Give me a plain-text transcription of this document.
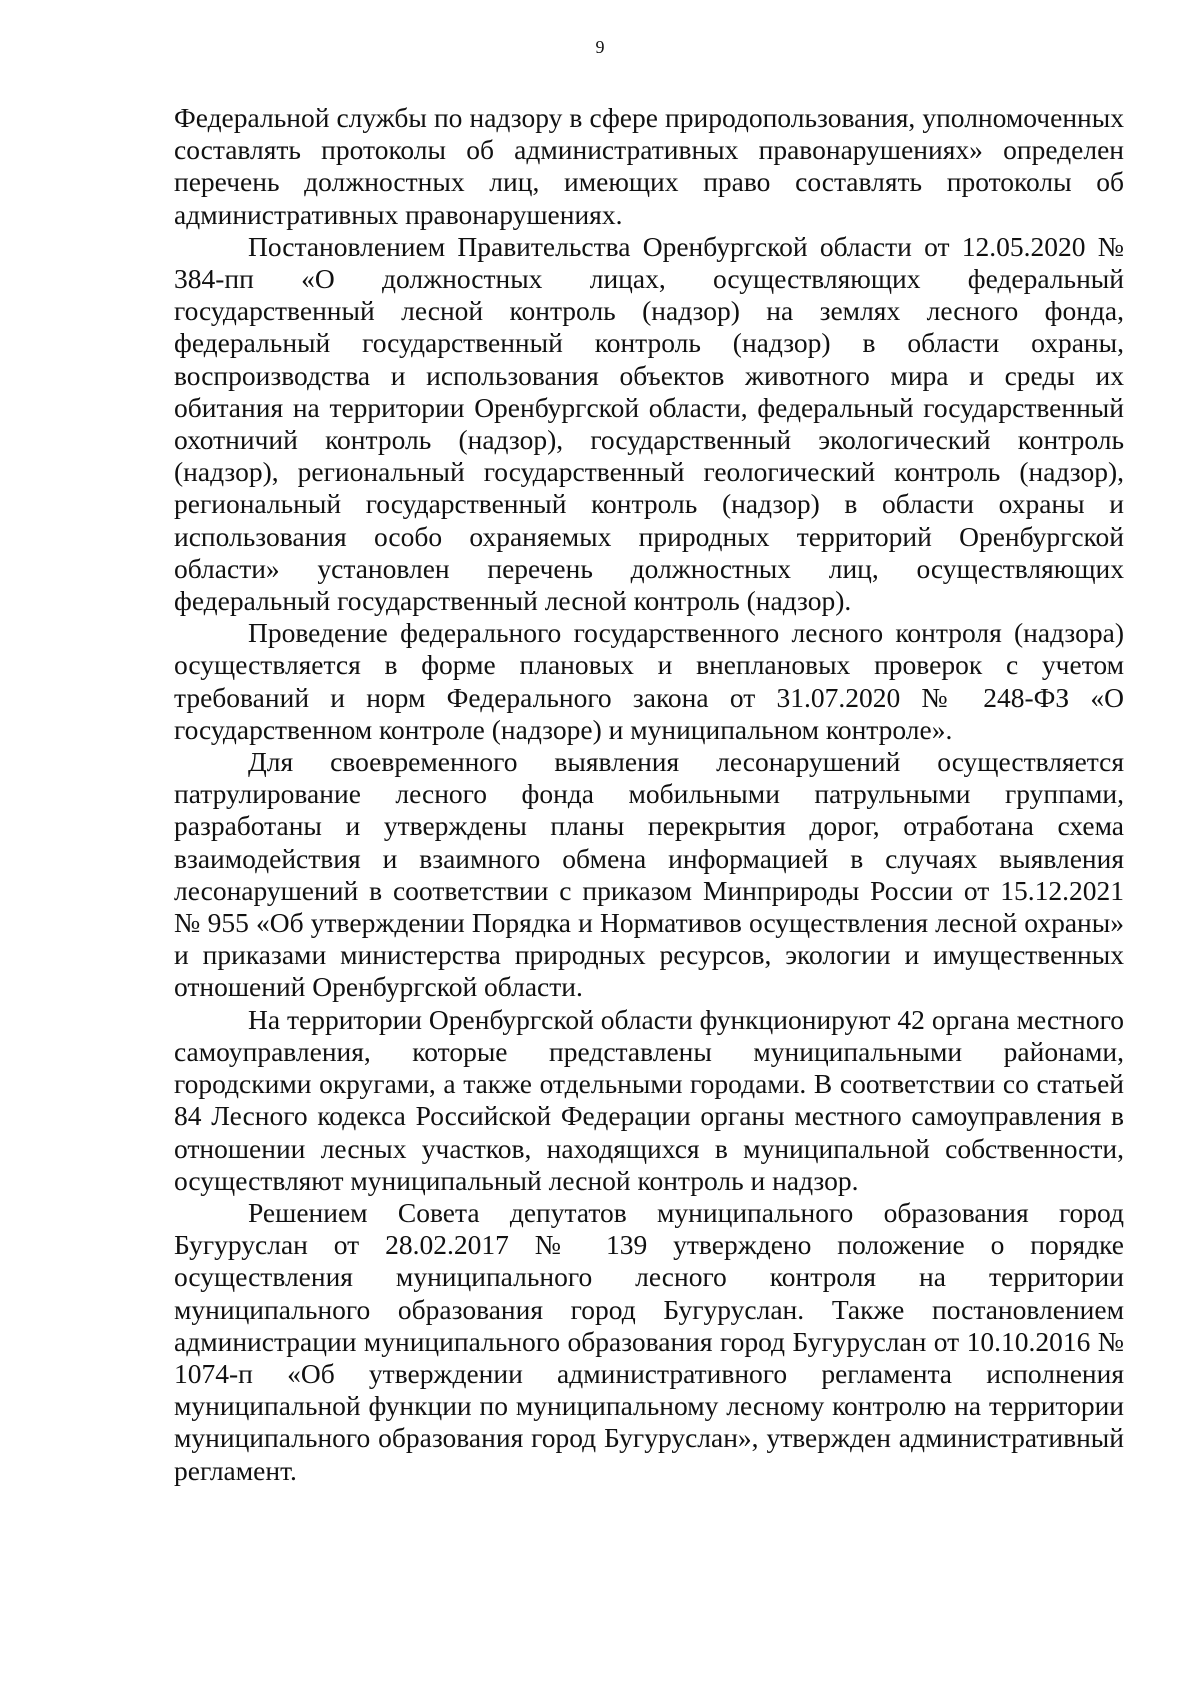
9

Федеральной службы по надзору в сфере природопользования, уполномоченных составлять протоколы об административных правонарушениях» определен перечень должностных лиц, имеющих право составлять протоколы об административных правонарушениях.

Постановлением Правительства Оренбургской области от 12.05.2020 № 384-пп «О должностных лицах, осуществляющих федеральный государственный лесной контроль (надзор) на землях лесного фонда, федеральный государственный контроль (надзор) в области охраны, воспроизводства и использования объектов животного мира и среды их обитания на территории Оренбургской области, федеральный государственный охотничий контроль (надзор), государственный экологический контроль (надзор), региональный государственный геологический контроль (надзор), региональный государственный контроль (надзор) в области охраны и использования особо охраняемых природных территорий Оренбургской области» установлен перечень должностных лиц, осуществляющих федеральный государственный лесной контроль (надзор).

Проведение федерального государственного лесного контроля (надзора) осуществляется в форме плановых и внеплановых проверок с учетом требований и норм Федерального закона от 31.07.2020 № 248-ФЗ «О государственном контроле (надзоре) и муниципальном контроле».

Для своевременного выявления лесонарушений осуществляется патрулирование лесного фонда мобильными патрульными группами, разработаны и утверждены планы перекрытия дорог, отработана схема взаимодействия и взаимного обмена информацией в случаях выявления лесонарушений в соответствии с приказом Минприроды России от 15.12.2021 № 955 «Об утверждении Порядка и Нормативов осуществления лесной охраны» и приказами министерства природных ресурсов, экологии и имущественных отношений Оренбургской области.

На территории Оренбургской области функционируют 42 органа местного самоуправления, которые представлены муниципальными районами, городскими округами, а также отдельными городами. В соответствии со статьей 84 Лесного кодекса Российской Федерации органы местного самоуправления в отношении лесных участков, находящихся в муниципальной собственности, осуществляют муниципальный лесной контроль и надзор.

Решением Совета депутатов муниципального образования город Бугуруслан от 28.02.2017 № 139 утверждено положение о порядке осуществления муниципального лесного контроля на территории муниципального образования город Бугуруслан. Также постановлением администрации муниципального образования город Бугуруслан от 10.10.2016 № 1074-п «Об утверждении административного регламента исполнения муниципальной функции по муниципальному лесному контролю на территории муниципального образования город Бугуруслан», утвержден административный регламент.
